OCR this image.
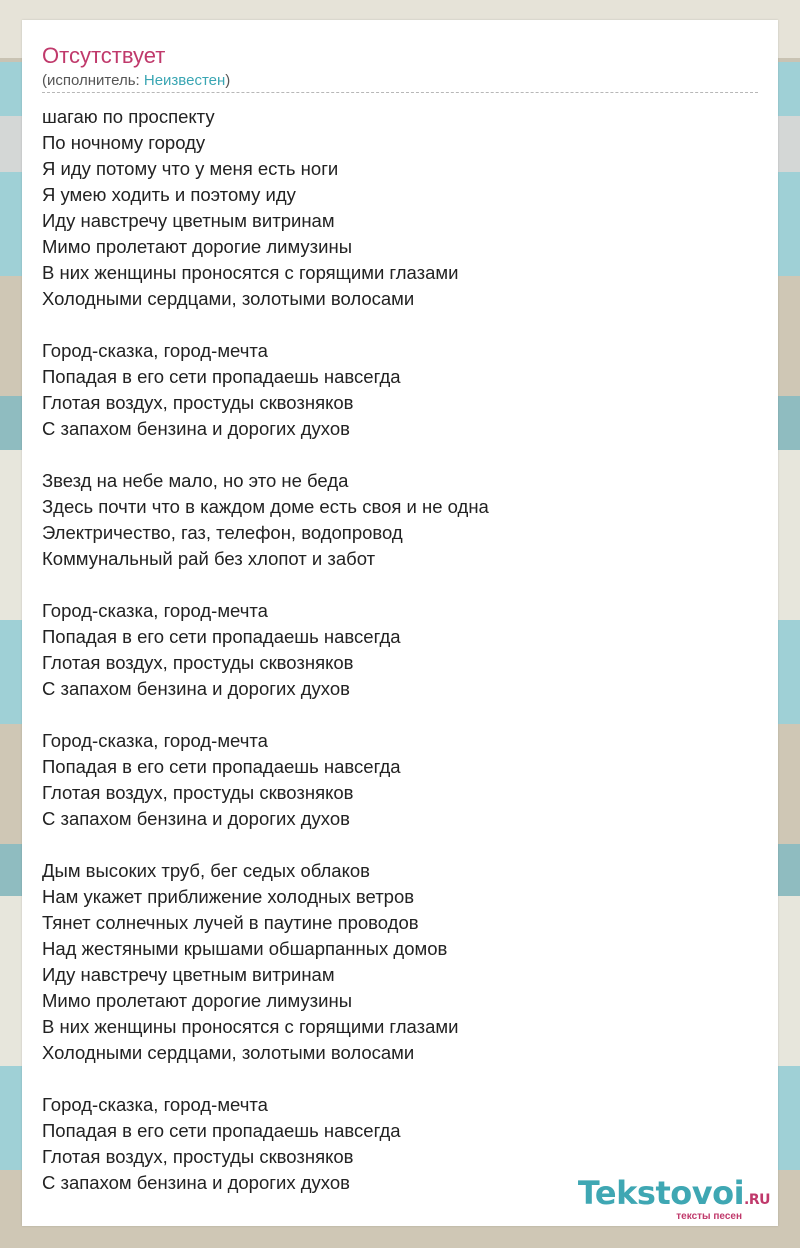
Отсутствует
(исполнитель: Неизвестен)
шагаю по проспекту
По ночному городу
Я иду потому что у меня есть ноги
Я умею ходить и поэтому иду
Иду навстречу цветным витринам
Мимо пролетают дорогие лимузины
В них женщины проносятся с горящими глазами
Холодными сердцами, золотыми волосами
Город-сказка, город-мечта
Попадая в его сети пропадаешь навсегда
Глотая воздух, простуды сквозняков
С запахом бензина и дорогих духов
Звезд на небе мало, но это не беда
Здесь почти что в каждом доме есть своя и не одна
Электричество, газ, телефон, водопровод
Коммунальный рай без хлопот и забот
Город-сказка, город-мечта
Попадая в его сети пропадаешь навсегда
Глотая воздух, простуды сквозняков
С запахом бензина и дорогих духов
Город-сказка, город-мечта
Попадая в его сети пропадаешь навсегда
Глотая воздух, простуды сквозняков
С запахом бензина и дорогих духов
Дым высоких труб, бег седых облаков
Нам укажет приближение холодных ветров
Тянет солнечных лучей в паутине проводов
Над жестяными крышами обшарпанных домов
Иду навстречу цветным витринам
Мимо пролетают дорогие лимузины
В них женщины проносятся с горящими глазами
Холодными сердцами, золотыми волосами
Город-сказка, город-мечта
Попадая в его сети пропадаешь навсегда
Глотая воздух, простуды сквозняков
С запахом бензина и дорогих духов	Tekstovoi.RU
тексты песен
